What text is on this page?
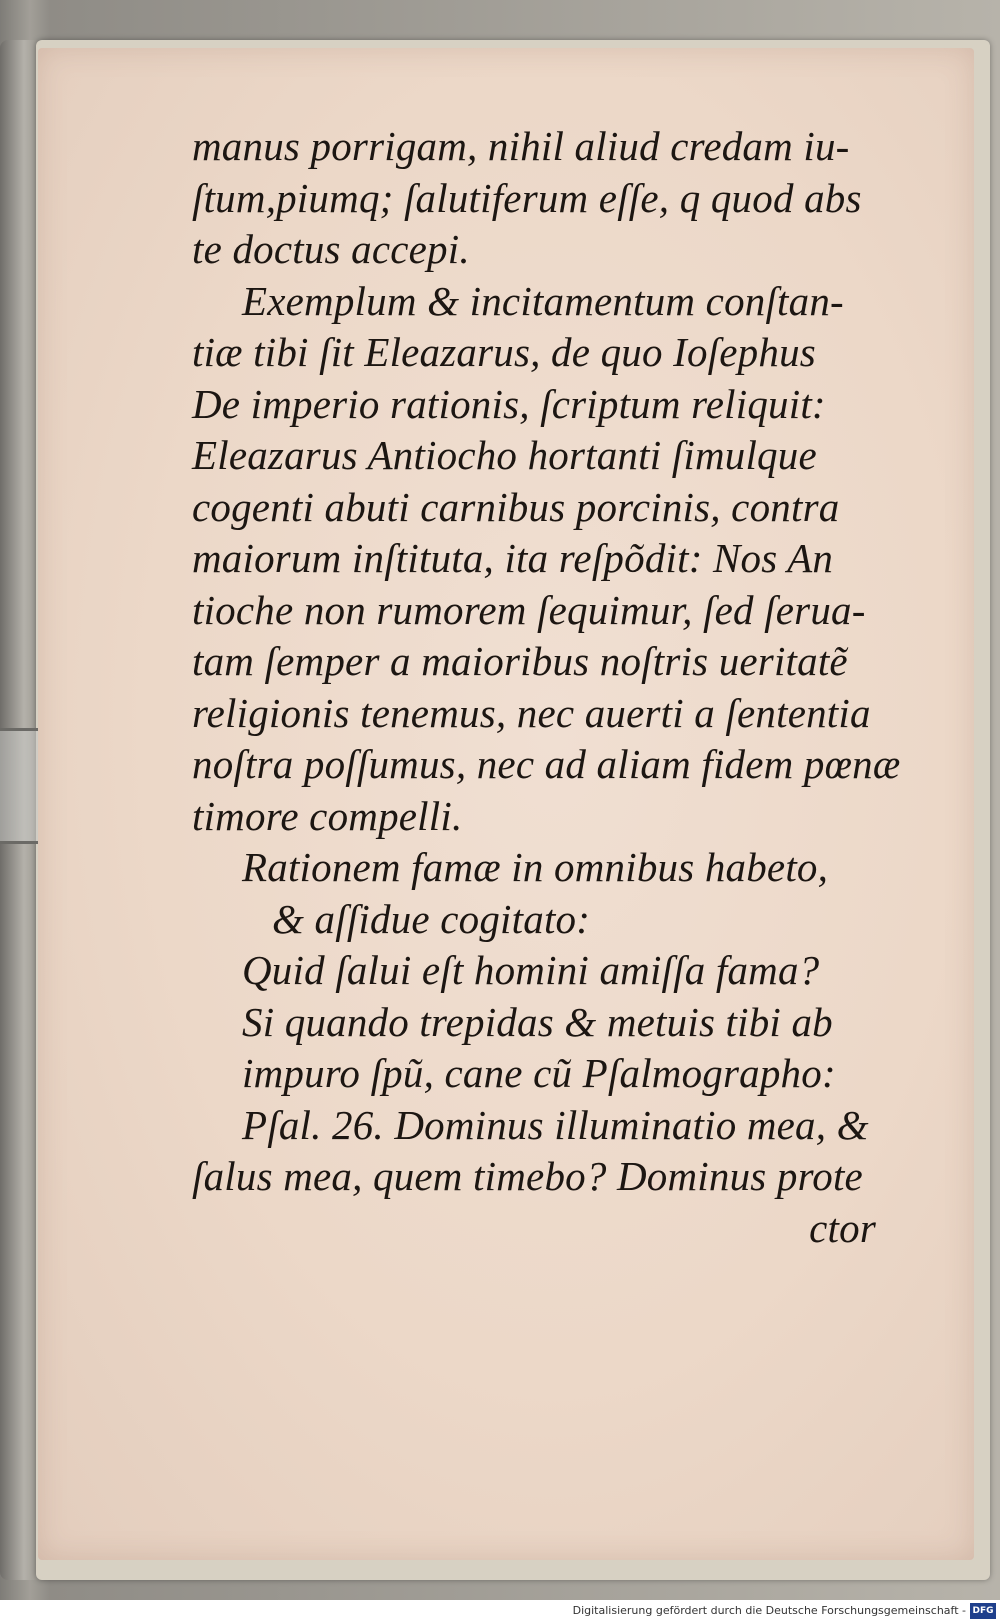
manus porrigam, nihil aliud credam iu-
ſtum,piumq; ſalutiferum eſſe, q quod abs
te doctus accepi.
Exemplum & incitamentum conſtan-
tiæ tibi ſit Eleazarus, de quo Ioſephus
De imperio rationis, ſcriptum reliquit:
Eleazarus Antiocho hortanti ſimulque
cogenti abuti carnibus porcinis, contra
maiorum inſtituta, ita reſpõdit: Nos An
tioche non rumorem ſequimur, ſed ſerua-
tam ſemper a maioribus noſtris ueritatẽ
religionis tenemus, nec auerti a ſententia
noſtra poſſumus, nec ad aliam fidem pœnæ
timore compelli.
Rationem famæ in omnibus habeto,
& aſſidue cogitato:
Quid ſalui eſt homini amiſſa fama?
Si quando trepidas & metuis tibi ab
impuro ſpũ, cane cũ Pſalmographo:
Pſal. 26. Dominus illuminatio mea, &
ſalus mea, quem timebo? Dominus prote
ctor
Digitalisierung gefördert durch die Deutsche Forschungsgemeinschaft - DFG
